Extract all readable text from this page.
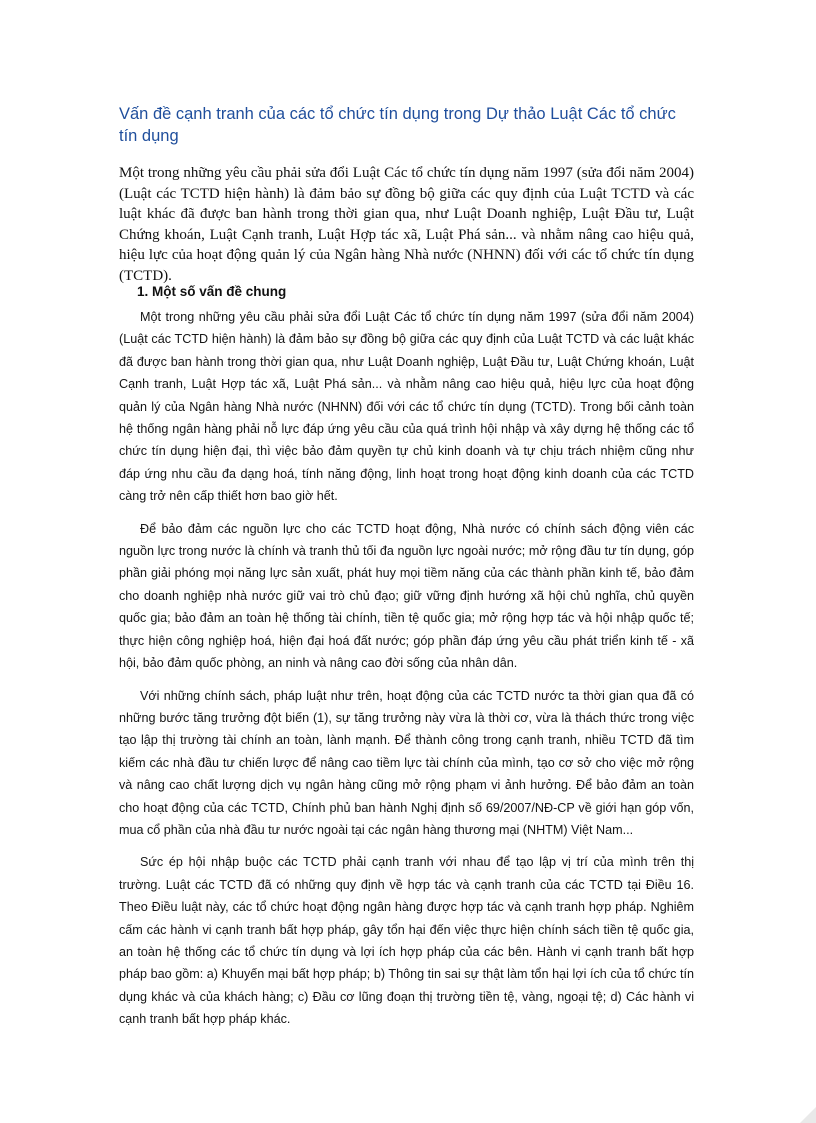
Vấn đề cạnh tranh của các tổ chức tín dụng trong Dự thảo Luật Các tổ chức tín dụng

Một trong những yêu cầu phải sửa đổi Luật Các tổ chức tín dụng năm 1997 (sửa đổi năm 2004) (Luật các TCTD hiện hành) là đảm bảo sự đồng bộ giữa các quy định của Luật TCTD và các luật khác đã được ban hành trong thời gian qua, như Luật Doanh nghiệp, Luật Đầu tư, Luật Chứng khoán, Luật Cạnh tranh, Luật Hợp tác xã, Luật Phá sản... và nhằm nâng cao hiệu quả, hiệu lực của hoạt động quản lý của Ngân hàng Nhà nước (NHNN) đối với các tổ chức tín dụng (TCTD).

1. Một số vấn đề chung

Một trong những yêu cầu phải sửa đổi Luật Các tổ chức tín dụng năm 1997 (sửa đổi năm 2004) (Luật các TCTD hiện hành) là đảm bảo sự đồng bộ giữa các quy định của Luật TCTD và các luật khác đã được ban hành trong thời gian qua, như Luật Doanh nghiệp, Luật Đầu tư, Luật Chứng khoán, Luật Cạnh tranh, Luật Hợp tác xã, Luật Phá sản... và nhằm nâng cao hiệu quả, hiệu lực của hoạt động quản lý của Ngân hàng Nhà nước (NHNN) đối với các tổ chức tín dụng (TCTD). Trong bối cảnh toàn hệ thống ngân hàng phải nỗ lực đáp ứng yêu cầu của quá trình hội nhập và xây dựng hệ thống các tổ chức tín dụng hiện đại, thì việc bảo đảm quyền tự chủ kinh doanh và tự chịu trách nhiệm cũng như đáp ứng nhu cầu đa dạng hoá, tính năng động, linh hoạt trong hoạt động kinh doanh của các TCTD càng trở nên cấp thiết hơn bao giờ hết.

Để bảo đảm các nguồn lực cho các TCTD hoạt động, Nhà nước có chính sách động viên các nguồn lực trong nước là chính và tranh thủ tối đa nguồn lực ngoài nước; mở rộng đầu tư tín dụng, góp phần giải phóng mọi năng lực sản xuất, phát huy mọi tiềm năng của các thành phần kinh tế, bảo đảm cho doanh nghiệp nhà nước giữ vai trò chủ đạo; giữ vững định hướng xã hội chủ nghĩa, chủ quyền quốc gia; bảo đảm an toàn hệ thống tài chính, tiền tệ quốc gia; mở rộng hợp tác và hội nhập quốc tế; thực hiện công nghiệp hoá, hiện đại hoá đất nước; góp phần đáp ứng yêu cầu phát triển kinh tế - xã hội, bảo đảm quốc phòng, an ninh và nâng cao đời sống của nhân dân.

Với những chính sách, pháp luật như trên, hoạt động của các TCTD nước ta thời gian qua đã có những bước tăng trưởng đột biến (1), sự tăng trưởng này vừa là thời cơ, vừa là thách thức trong việc tạo lập thị trường tài chính an toàn, lành mạnh. Để thành công trong cạnh tranh, nhiều TCTD đã tìm kiếm các nhà đầu tư chiến lược để nâng cao tiềm lực tài chính của mình, tạo cơ sở cho việc mở rộng và nâng cao chất lượng dịch vụ ngân hàng cũng mở rộng phạm vi ảnh hưởng. Để bảo đảm an toàn cho hoạt động của các TCTD, Chính phủ ban hành Nghị định số 69/2007/NĐ-CP về giới hạn góp vốn, mua cổ phần của nhà đầu tư nước ngoài tại các ngân hàng thương mại (NHTM) Việt Nam...

Sức ép hội nhập buộc các TCTD phải cạnh tranh với nhau để tạo lập vị trí của mình trên thị trường. Luật các TCTD đã có những quy định về hợp tác và cạnh tranh của các TCTD tại Điều 16. Theo Điều luật này, các tổ chức hoạt động ngân hàng được hợp tác và cạnh tranh hợp pháp. Nghiêm cấm các hành vi cạnh tranh bất hợp pháp, gây tổn hại đến việc thực hiện chính sách tiền tệ quốc gia, an toàn hệ thống các tổ chức tín dụng và lợi ích hợp pháp của các bên. Hành vi cạnh tranh bất hợp pháp bao gồm: a) Khuyến mại bất hợp pháp; b) Thông tin sai sự thật làm tổn hại lợi ích của tổ chức tín dụng khác và của khách hàng; c) Đầu cơ lũng đoạn thị trường tiền tệ, vàng, ngoại tệ; d) Các hành vi cạnh tranh bất hợp pháp khác.
